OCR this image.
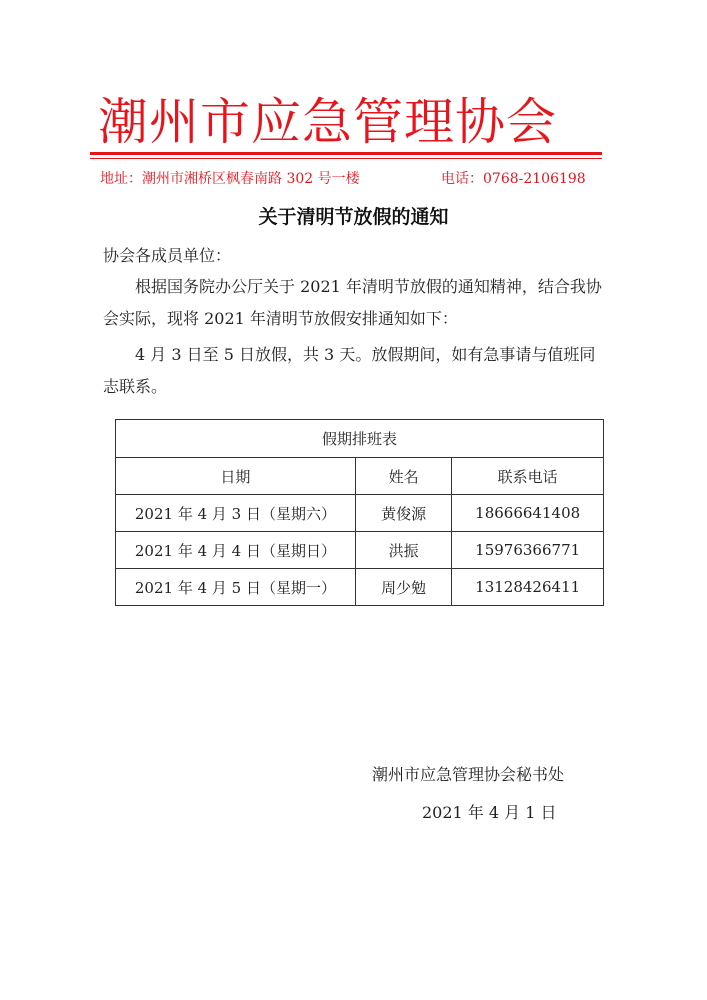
潮州市应急管理协会
地址：潮州市湘桥区枫春南路 302 号一楼	电话：0768-2106198
关于清明节放假的通知
协会各成员单位：
根据国务院办公厅关于 2021 年清明节放假的通知精神，结合我协会实际，现将 2021 年清明节放假安排通知如下：
4 月 3 日至 5 日放假，共 3 天。放假期间，如有急事请与值班同志联系。
假期排班表		
日期	姓名	联系电话
2021 年 4 月 3 日（星期六）	黄俊源	18666641408
2021 年 4 月 4 日（星期日）	洪振	15976366771
2021 年 4 月 5 日（星期一）	周少勉	13128426411
潮州市应急管理协会秘书处
2021 年 4 月 1 日
